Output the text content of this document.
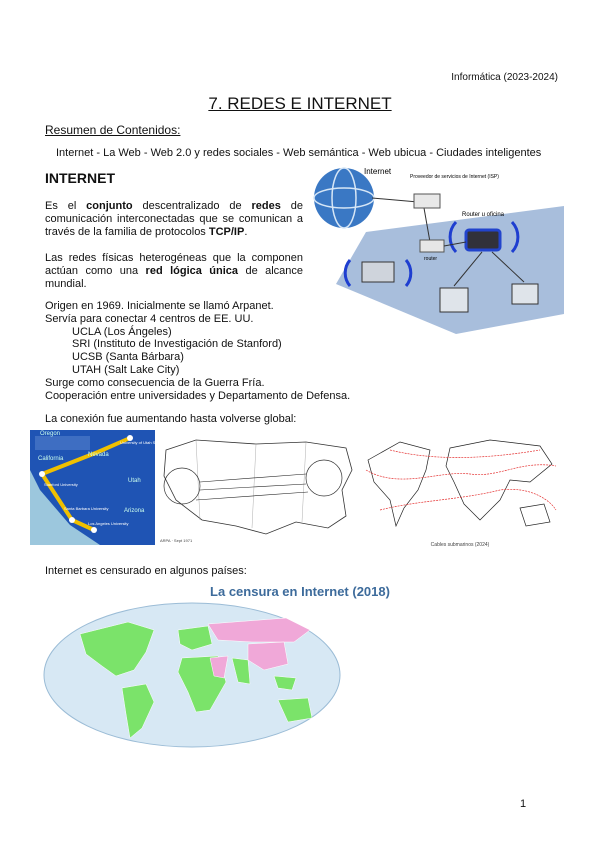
Informática (2023-2024)
7. REDES E INTERNET
Resumen de Contenidos:
Internet - La Web - Web 2.0 y redes sociales - Web semántica - Web ubicua - Ciudades inteligentes
INTERNET
Es el conjunto descentralizado de redes de comunicación interconectadas que se comunican a través de la familia de protocolos TCP/IP.
Las redes físicas heterogéneas que la componen actúan como una red lógica única de alcance mundial.
Origen en 1969. Inicialmente se llamó Arpanet.
Servía para conectar 4 centros de EE. UU.
UCLA (Los Ángeles)
SRI (Instituto de Investigación de Stanford)
UCSB (Santa Bárbara)
UTAH (Salt Lake City)
Surge como consecuencia de la Guerra Fría.
Cooperación entre universidades y Departamento de Defensa.
La conexión fue aumentando hasta volverse global:
Internet
Proveedor de servicios de Internet (ISP)
router
Router u oficina
Oregon
Nevada
California
Utah
Arizona
University of Utah Salt Lake City
Stanford University
Santa Barbara University
Los Angeles University
ARPA · Sept 1971
Cables submarinos (2024)
Internet es censurado en algunos países:
La censura en Internet (2018)
1
